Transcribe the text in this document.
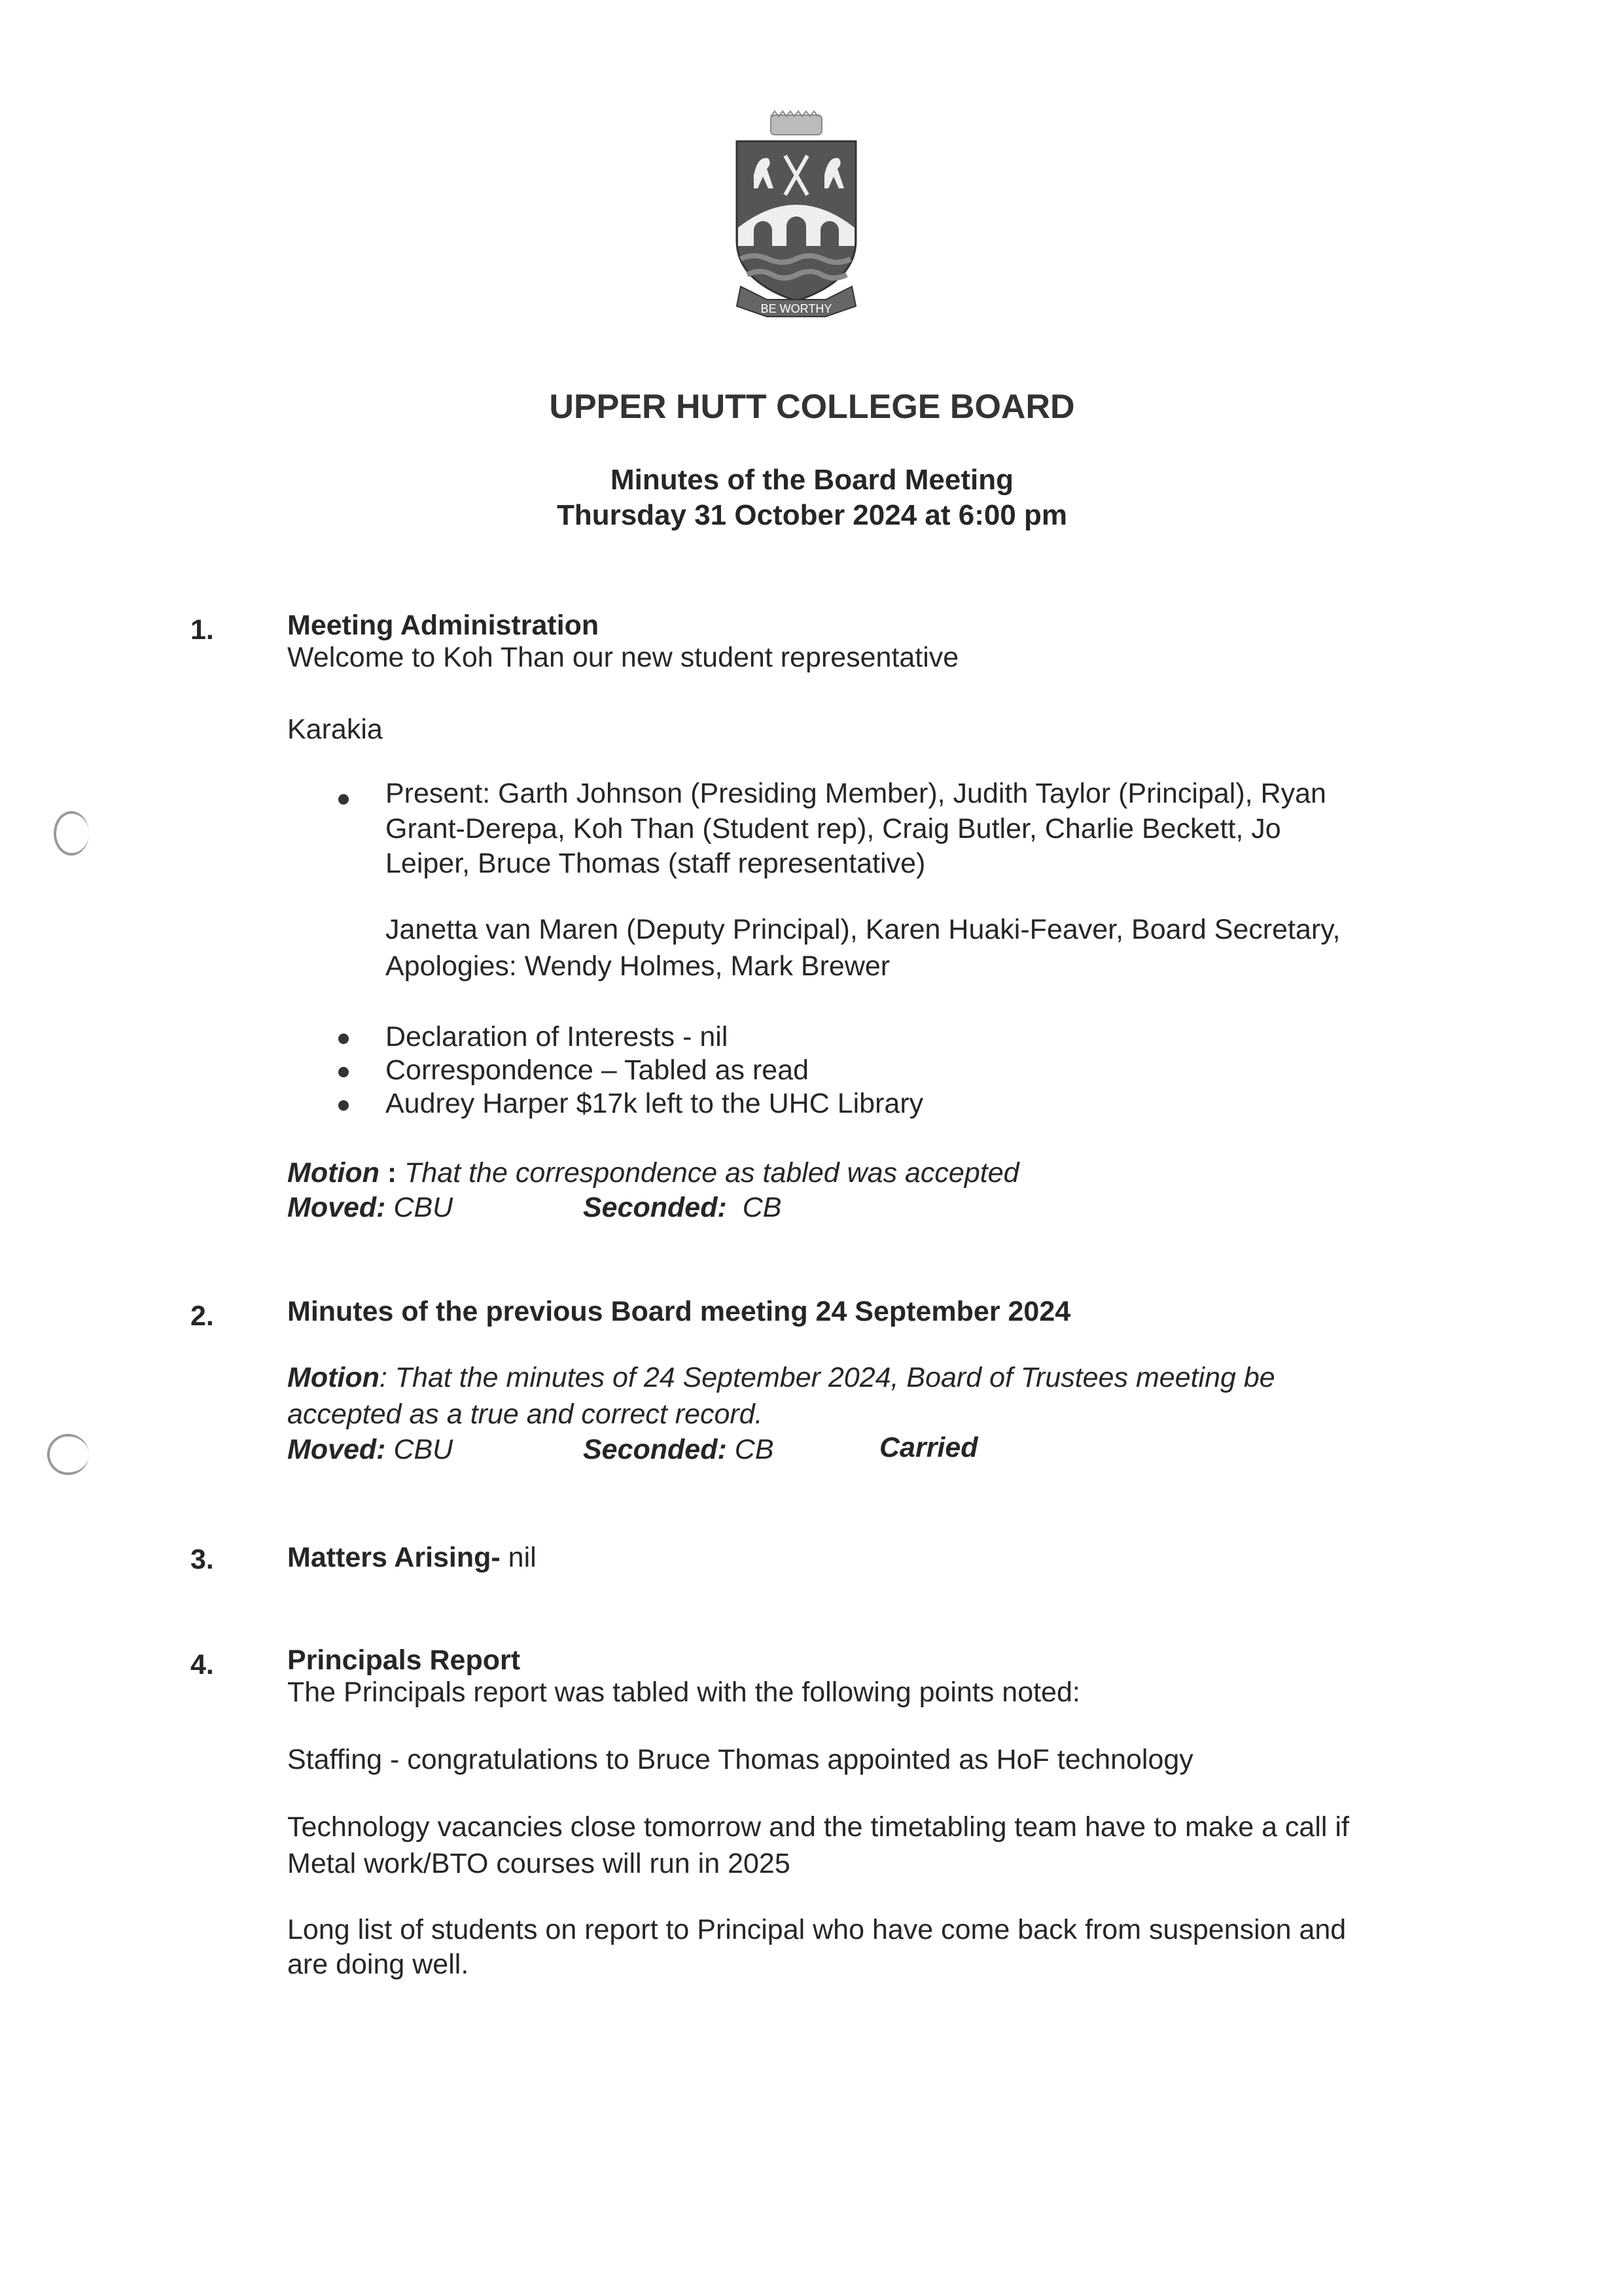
BE WORTHY
UPPER HUTT COLLEGE BOARD
Minutes of the Board Meeting
Thursday 31 October 2024 at 6:00 pm
1.	Meeting Administration
Welcome to Koh Than our new student representative
Karakia
Present: Garth Johnson (Presiding Member), Judith Taylor (Principal), Ryan
Grant-Derepa, Koh Than (Student rep), Craig Butler, Charlie Beckett, Jo
Leiper, Bruce Thomas (staff representative)
Janetta van Maren (Deputy Principal), Karen Huaki-Feaver, Board Secretary,
Apologies: Wendy Holmes, Mark Brewer
Declaration of Interests - nil
Correspondence – Tabled as read
Audrey Harper $17k left to the UHC Library
Motion : That the correspondence as tabled was accepted
Moved: CBU	Seconded:  CB
2.	Minutes of the previous Board meeting 24 September 2024
Motion: That the minutes of 24 September 2024, Board of Trustees meeting be
accepted as a true and correct record.
Moved: CBU	Seconded: CB	Carried
3.	Matters Arising- nil
4.	Principals Report
The Principals report was tabled with the following points noted:
Staffing - congratulations to Bruce Thomas appointed as HoF technology
Technology vacancies close tomorrow and the timetabling team have to make a call if
Metal work/BTO courses will run in 2025
Long list of students on report to Principal who have come back from suspension and
are doing well.
